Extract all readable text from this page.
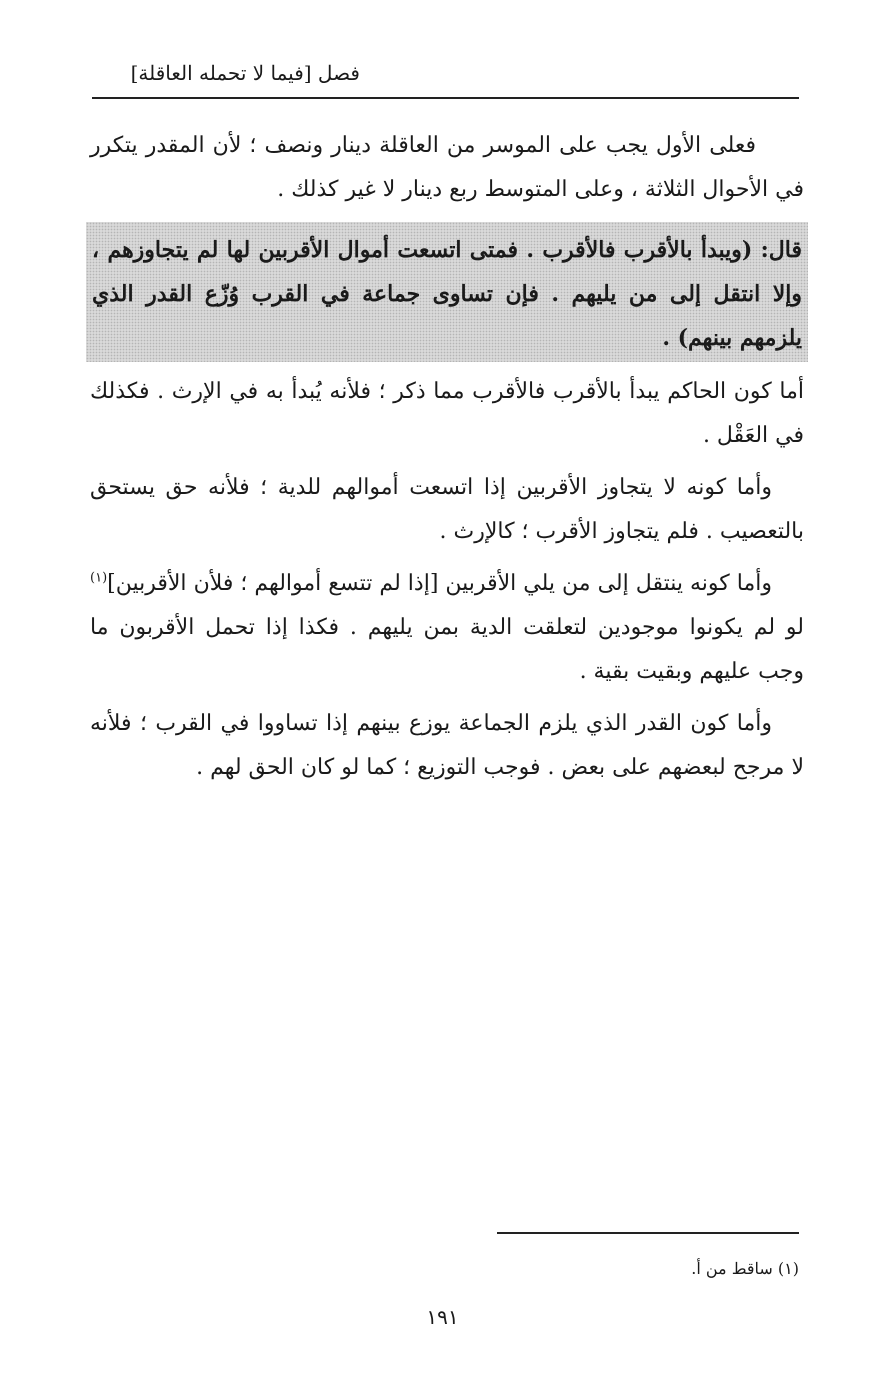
فصل [فيما لا تحمله العاقلة]

فعلى الأول يجب على الموسر من العاقلة دينار ونصف ؛ لأن المقدر يتكرر في الأحوال الثلاثة ، وعلى المتوسط ربع دينار لا غير كذلك .

قال: (ويبدأ بالأقرب فالأقرب . فمتى اتسعت أموال الأقربين لها لم يتجاوزهم ، وإلا انتقل إلى من يليهم . فإن تساوى جماعة في القرب وُزّع القدر الذي يلزمهم بينهم) .

أما كون الحاكم يبدأ بالأقرب فالأقرب مما ذكر ؛ فلأنه يُبدأ به في الإرث . فكذلك في العَقْل .

وأما كونه لا يتجاوز الأقربين إذا اتسعت أموالهم للدية ؛ فلأنه حق يستحق بالتعصيب . فلم يتجاوز الأقرب ؛ كالإرث .

وأما كونه ينتقل إلى من يلي الأقربين [إذا لم تتسع أموالهم ؛ فلأن الأقربين]$^{(١)}$ لو لم يكونوا موجودين لتعلقت الدية بمن يليهم . فكذا إذا تحمل الأقربون ما وجب عليهم وبقيت بقية .

وأما كون القدر الذي يلزم الجماعة يوزع بينهم إذا تساووا في القرب ؛ فلأنه لا مرجح لبعضهم على بعض . فوجب التوزيع ؛ كما لو كان الحق لهم .

(١) ساقط من أ.
١٩١
